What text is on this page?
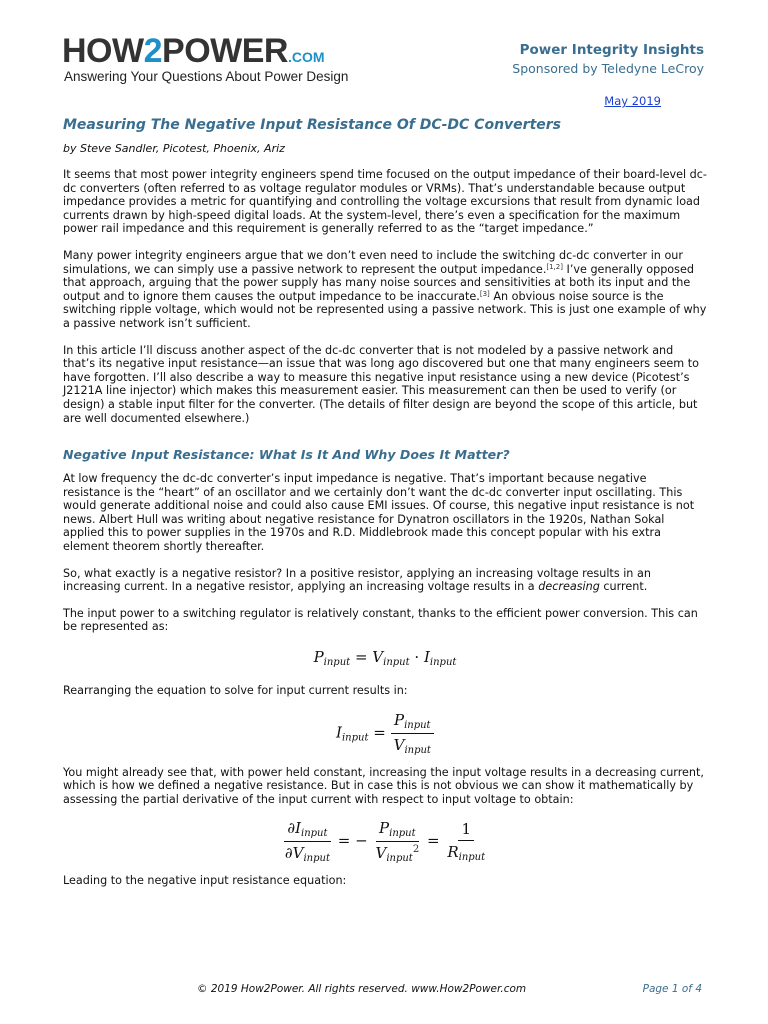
HOW2POWER.COM
Answering Your Questions About Power Design
Power Integrity Insights
Sponsored by Teledyne LeCroy
May 2019
Measuring The Negative Input Resistance Of DC-DC Converters
by Steve Sandler, Picotest, Phoenix, Ariz

It seems that most power integrity engineers spend time focused on the output impedance of their board-level dc-dc converters (often referred to as voltage regulator modules or VRMs). That’s understandable because output impedance provides a metric for quantifying and controlling the voltage excursions that result from dynamic load currents drawn by high-speed digital loads. At the system-level, there’s even a specification for the maximum power rail impedance and this requirement is generally referred to as the “target impedance.”

Many power integrity engineers argue that we don’t even need to include the switching dc-dc converter in our simulations, we can simply use a passive network to represent the output impedance.[1,2] I’ve generally opposed that approach, arguing that the power supply has many noise sources and sensitivities at both its input and the output and to ignore them causes the output impedance to be inaccurate.[3] An obvious noise source is the switching ripple voltage, which would not be represented using a passive network. This is just one example of why a passive network isn’t sufficient.

In this article I’ll discuss another aspect of the dc-dc converter that is not modeled by a passive network and that’s its negative input resistance—an issue that was long ago discovered but one that many engineers seem to have forgotten. I’ll also describe a way to measure this negative input resistance using a new device (Picotest’s J2121A line injector) which makes this measurement easier. This measurement can then be used to verify (or design) a stable input filter for the converter. (The details of filter design are beyond the scope of this article, but are well documented elsewhere.)

Negative Input Resistance: What Is It And Why Does It Matter?

At low frequency the dc-dc converter’s input impedance is negative. That’s important because negative resistance is the “heart” of an oscillator and we certainly don’t want the dc-dc converter input oscillating. This would generate additional noise and could also cause EMI issues. Of course, this negative input resistance is not news. Albert Hull was writing about negative resistance for Dynatron oscillators in the 1920s, Nathan Sokal applied this to power supplies in the 1970s and R.D. Middlebrook made this concept popular with his extra element theorem shortly thereafter.

So, what exactly is a negative resistor? In a positive resistor, applying an increasing voltage results in an increasing current. In a negative resistor, applying an increasing voltage results in a decreasing current.

The input power to a switching regulator is relatively constant, thanks to the efficient power conversion. This can be represented as:

$P_{input} = V_{input} \cdot I_{input}$

Rearranging the equation to solve for input current results in:

$I_{input} = \frac{P_{input}}{V_{input}}$

You might already see that, with power held constant, increasing the input voltage results in a decreasing current, which is how we defined a negative resistance. But in case this is not obvious we can show it mathematically by assessing the partial derivative of the input current with respect to input voltage to obtain:

$\frac{\partial I_{input}}{\partial V_{input}}$ = − $\frac{P_{input}}{V_{input}^2} = \frac{1}{R_{input}}$

Leading to the negative input resistance equation:

© 2019 How2Power. All rights reserved. www.How2Power.com	Page 1 of 4
